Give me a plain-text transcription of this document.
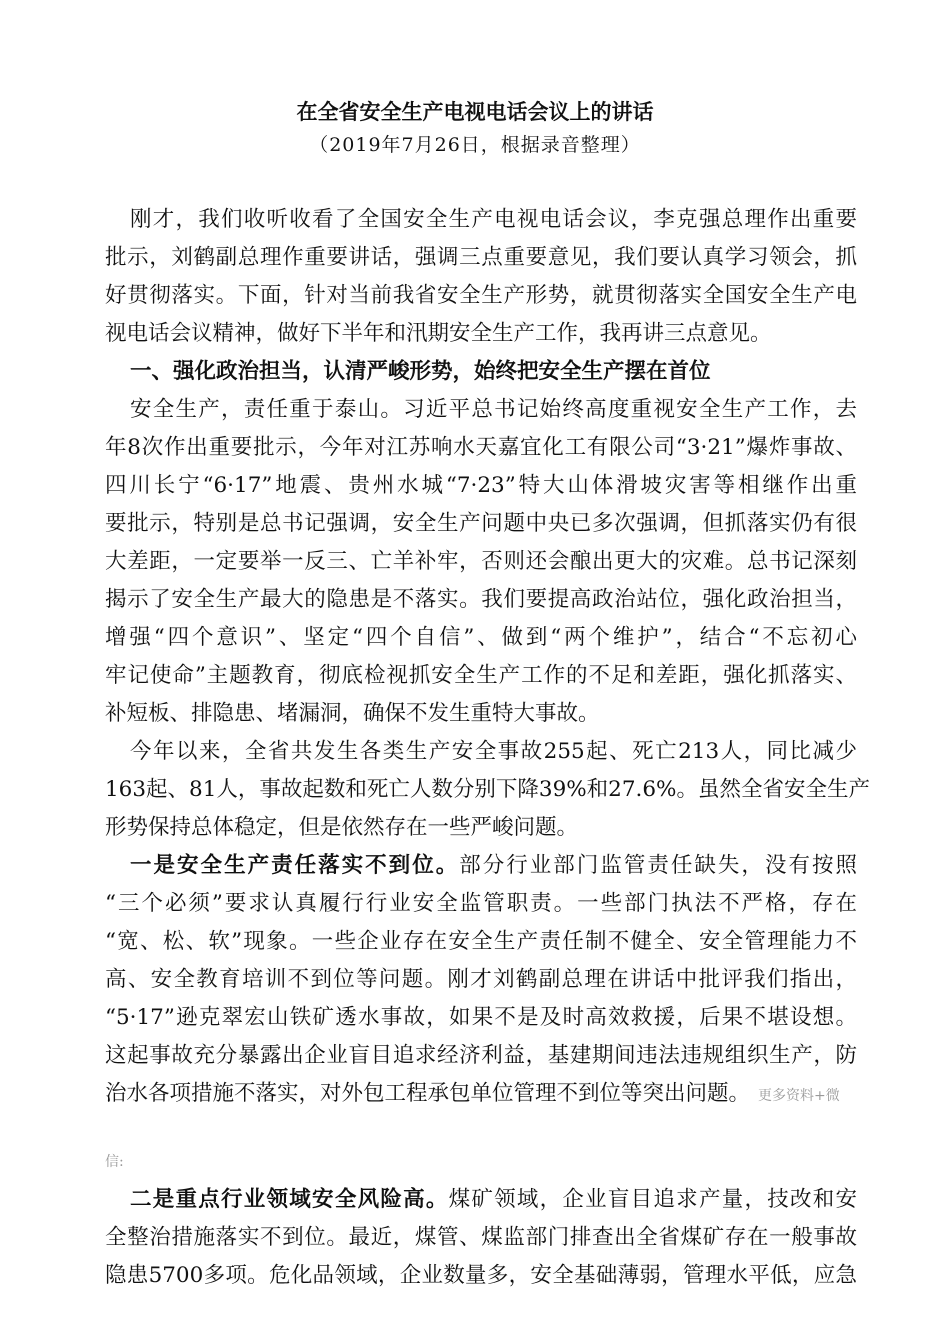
在全省安全生产电视电话会议上的讲话
（2019年7月26日，根据录音整理）
刚才，我们收听收看了全国安全生产电视电话会议，李克强总理作出重要
批示，刘鹤副总理作重要讲话，强调三点重要意见，我们要认真学习领会，抓
好贯彻落实。下面，针对当前我省安全生产形势，就贯彻落实全国安全生产电
视电话会议精神，做好下半年和汛期安全生产工作，我再讲三点意见。
一、强化政治担当，认清严峻形势，始终把安全生产摆在首位
安全生产，责任重于泰山。习近平总书记始终高度重视安全生产工作，去
年8次作出重要批示，今年对江苏响水天嘉宜化工有限公司“3·21”爆炸事故、
四川长宁“6·17”地震、贵州水城“7·23”特大山体滑坡灾害等相继作出重
要批示，特别是总书记强调，安全生产问题中央已多次强调，但抓落实仍有很
大差距，一定要举一反三、亡羊补牢，否则还会酿出更大的灾难。总书记深刻
揭示了安全生产最大的隐患是不落实。我们要提高政治站位，强化政治担当，
增强“四个意识”、坚定“四个自信”、做到“两个维护”，结合“不忘初心
牢记使命”主题教育，彻底检视抓安全生产工作的不足和差距，强化抓落实、
补短板、排隐患、堵漏洞，确保不发生重特大事故。
今年以来，全省共发生各类生产安全事故255起、死亡213人，同比减少
163起、81人，事故起数和死亡人数分别下降39%和27.6%。虽然全省安全生产
形势保持总体稳定，但是依然存在一些严峻问题。
一是安全生产责任落实不到位。部分行业部门监管责任缺失，没有按照
“三个必须”要求认真履行行业安全监管职责。一些部门执法不严格，存在
“宽、松、软”现象。一些企业存在安全生产责任制不健全、安全管理能力不
高、安全教育培训不到位等问题。刚才刘鹤副总理在讲话中批评我们指出，
“5·17”逊克翠宏山铁矿透水事故，如果不是及时高效救援，后果不堪设想。
这起事故充分暴露出企业盲目追求经济利益，基建期间违法违规组织生产，防
治水各项措施不落实，对外包工程承包单位管理不到位等突出问题。 更多资料+微
二是重点行业领域安全风险高。煤矿领域，企业盲目追求产量，技改和安
全整治措施落实不到位。最近，煤管、煤监部门排查出全省煤矿存在一般事故
隐患5700多项。危化品领域，企业数量多，安全基础薄弱，管理水平低，应急
信:
